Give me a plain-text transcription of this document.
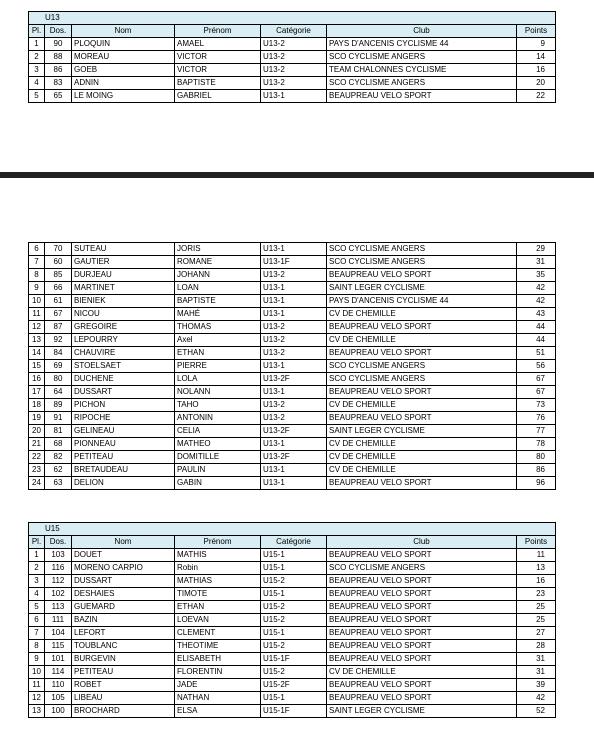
U13						
Pl.	Dos.	Nom	Prénom	Catégorie	Club	Points
1	90	PLOQUIN	AMAEL	U13-2	PAYS D'ANCENIS CYCLISME 44	9
2	88	MOREAU	VICTOR	U13-2	SCO CYCLISME ANGERS	14
3	86	GOEB	VICTOR	U13-2	TEAM CHALONNES CYCLISME	16
4	83	ADNIN	BAPTISTE	U13-2	SCO CYCLISME ANGERS	20
5	65	LE MOING	GABRIEL	U13-1	BEAUPREAU VELO SPORT	22
6	70	SUTEAU	JORIS	U13-1	SCO CYCLISME ANGERS	29
7	60	GAUTIER	ROMANE	U13-1F	SCO CYCLISME ANGERS	31
8	85	DURJEAU	JOHANN	U13-2	BEAUPREAU VELO SPORT	35
9	66	MARTINET	LOAN	U13-1	SAINT LEGER CYCLISME	42
10	61	BIENIEK	BAPTISTE	U13-1	PAYS D'ANCENIS CYCLISME 44	42
11	67	NICOU	MAHÉ	U13-1	CV DE CHEMILLE	43
12	87	GREGOIRE	THOMAS	U13-2	BEAUPREAU VELO SPORT	44
13	92	LEPOURRY	Axel	U13-2	CV DE CHEMILLE	44
14	84	CHAUVIRE	ETHAN	U13-2	BEAUPREAU VELO SPORT	51
15	69	STOELSAET	PIERRE	U13-1	SCO CYCLISME ANGERS	56
16	80	DUCHENE	LOLA	U13-2F	SCO CYCLISME ANGERS	67
17	64	DUSSART	NOLANN	U13-1	BEAUPREAU VELO SPORT	67
18	89	PICHON	TAHO	U13-2	CV DE CHEMILLE	73
19	91	RIPOCHE	ANTONIN	U13-2	BEAUPREAU VELO SPORT	76
20	81	GELINEAU	CELIA	U13-2F	SAINT LEGER CYCLISME	77
21	68	PIONNEAU	MATHEO	U13-1	CV DE CHEMILLE	78
22	82	PETITEAU	DOMITILLE	U13-2F	CV DE CHEMILLE	80
23	62	BRETAUDEAU	PAULIN	U13-1	CV DE CHEMILLE	86
24	63	DELION	GABIN	U13-1	BEAUPREAU VELO SPORT	96
U15						
Pl.	Dos.	Nom	Prénom	Catégorie	Club	Points
1	103	DOUET	MATHIS	U15-1	BEAUPREAU VELO SPORT	11
2	116	MORENO CARPIO	Robin	U15-1	SCO CYCLISME ANGERS	13
3	112	DUSSART	MATHIAS	U15-2	BEAUPREAU VELO SPORT	16
4	102	DESHAIES	TIMOTE	U15-1	BEAUPREAU VELO SPORT	23
5	113	GUEMARD	ETHAN	U15-2	BEAUPREAU VELO SPORT	25
6	111	BAZIN	LOEVAN	U15-2	BEAUPREAU VELO SPORT	25
7	104	LEFORT	CLEMENT	U15-1	BEAUPREAU VELO SPORT	27
8	115	TOUBLANC	THEOTIME	U15-2	BEAUPREAU VELO SPORT	28
9	101	BURGEVIN	ELISABETH	U15-1F	BEAUPREAU VELO SPORT	31
10	114	PETITEAU	FLORENTIN	U15-2	CV DE CHEMILLE	31
11	110	ROBET	JADE	U15-2F	BEAUPREAU VELO SPORT	39
12	105	LIBEAU	NATHAN	U15-1	BEAUPREAU VELO SPORT	42
13	100	BROCHARD	ELSA	U15-1F	SAINT LEGER CYCLISME	52
